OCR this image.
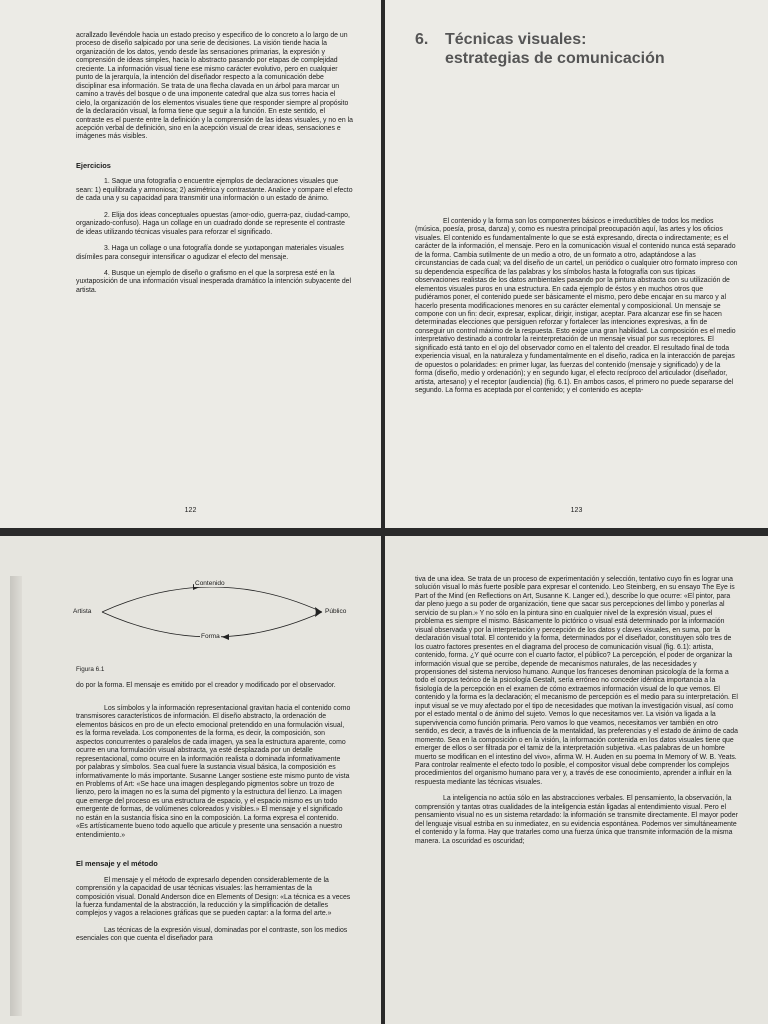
acrallzado llevéndole hacia un estado preciso y especifico de lo concreto a lo largo de un proceso de diseño salpicado por una serie de decisiones. La visión tiende hacia la organización de los datos, yendo desde las sensaciones primarias, la expresión y comprensión de ideas simples, hacia lo abstracto pasando por etapas de complejidad creciente. La información visual tiene ese mismo carácter evolutivo, pero en cualquier punto de la jerarquía, la intención del diseñador respecto a la comunicación debe disciplinar esa información. Se trata de una flecha clavada en un árbol para marcar un camino a través del bosque o de una imponente catedral que alza sus torres hacia el cielo, la organización de los elementos visuales tiene que responder siempre al propósito de la declaración visual, la forma tiene que seguir a la función. En este sentido, el contraste es el puente entre la definición y la comprensión de las ideas visuales, y no en la acepción verbal de definición, sino en la acepción visual de crear ideas, sensaciones e imágenes más visibles.

Ejercicios

1. Saque una fotografía o encuentre ejemplos de declaraciones visuales que sean: 1) equilibrada y armoniosa; 2) asimétrica y contrastante. Analice y compare el efecto de cada una y su capacidad para transmitir una información o un estado de ánimo.

2. Elija dos ideas conceptuales opuestas (amor-odio, guerra-paz, ciudad-campo, organizado-confuso). Haga un collage en un cuadrado donde se represente el contraste de ideas utilizando técnicas visuales para reforzar el significado.

3. Haga un collage o una fotografía donde se yuxtapongan materiales visuales disímiles para conseguir intensificar o agudizar el efecto del mensaje.

4. Busque un ejemplo de diseño o grafismo en el que la sorpresa esté en la yuxtaposición de una información visual inesperada dramático la intención subyacente del artista.

122
6. Técnicas visuales:
estrategias de comunicación

El contenido y la forma son los componentes básicos e irreductibles de todos los medios (música, poesía, prosa, danza) y, como es nuestra principal preocupación aquí, las artes y los oficios visuales. El contenido es fundamentalmente lo que se está expresando, directa o indirectamente; es el carácter de la información, el mensaje. Pero en la comunicación visual el contenido nunca está separado de la forma. Cambia sutilmente de un medio a otro, de un formato a otro, adaptándose a las circunstancias de cada cual; va del diseño de un cartel, un periódico o cualquier otro formato impreso con su dependencia específica de las palabras y los símbolos hasta la fotografía con sus típicas observaciones realistas de los datos ambientales pasando por la pintura abstracta con su utilización de elementos visuales puros en una estructura. En cada ejemplo de éstos y en muchos otros que pudiéramos poner, el contenido puede ser básicamente el mismo, pero debe encajar en su marco y al hacerlo presenta modificaciones menores en su carácter elemental y composicional. Un mensaje se compone con un fin: decir, expresar, explicar, dirigir, instigar, aceptar. Para alcanzar ese fin se hacen determinadas elecciones que persiguen reforzar y fortalecer las intenciones expresivas, a fin de conseguir un control máximo de la respuesta. Esto exige una gran habilidad. La composición es el medio interpretativo destinado a controlar la reinterpretación de un mensaje visual por sus receptores. El significado está tanto en el ojo del observador como en el talento del creador. El resultado final de toda experiencia visual, en la naturaleza y fundamentalmente en el diseño, radica en la interacción de parejas de opuestos o polaridades: en primer lugar, las fuerzas del contenido (mensaje y significado) y de la forma (diseño, medio y ordenación); y en segundo lugar, el efecto recíproco del articulador (diseñador, artista, artesano) y el receptor (audiencia) (fig. 6.1). En ambos casos, el primero no puede separarse del segundo. La forma es aceptada por el contenido; y el contenido es acepta-

123
Contenido
Artista	Público
Forma

Figura 6.1

do por la forma. El mensaje es emitido por el creador y modificado por el observador.

Los símbolos y la información representacional gravitan hacia el contenido como transmisores característicos de información. El diseño abstracto, la ordenación de elementos básicos en pro de un efecto emocional pretendido en una formulación visual, es la forma revelada. Los componentes de la forma, es decir, la composición, son aspectos concurrentes o paralelos de cada imagen, ya sea la estructura aparente, como ocurre en una formulación visual abstracta, ya esté desplazada por un detalle representacional, como ocurre en la información realista o dominada informativamente por palabras y símbolos. Sea cual fuere la sustancia visual básica, la composición es informativamente lo más importante. Susanne Langer sostiene este mismo punto de vista en Problems of Art: «Se hace una imagen desplegando pigmentos sobre un trozo de lienzo, pero la imagen no es la suma del pigmento y la estructura del lienzo. La imagen que emerge del proceso es una estructura de espacio, y el espacio mismo es un todo emergente de formas, de volúmenes coloreados y visibles.» El mensaje y el significado no están en la sustancia física sino en la composición. La forma expresa el contenido. «Es artísticamente bueno todo aquello que articule y presente una sensación a nuestro entendimiento.»

El mensaje y el método

El mensaje y el método de expresarlo dependen considerablemente de la comprensión y la capacidad de usar técnicas visuales: las herramientas de la composición visual. Donald Anderson dice en Elements of Design: «La técnica es a veces la fuerza fundamental de la abstracción, la reducción y la simplificación de detalles complejos y vagos a relaciones gráficas que se pueden captar: a la forma del arte.»

Las técnicas de la expresión visual, dominadas por el contraste, son los medios esenciales con que cuenta el diseñador para

tiva de una idea. Se trata de un proceso de experimentación y selección, tentativo cuyo fin es lograr una solución visual lo más fuerte posible para expresar el contenido. Leo Steinberg, en su ensayo The Eye is Part of the Mind (en Reflections on Art, Susanne K. Langer ed.), describe lo que ocurre: «El pintor, para dar pleno juego a su poder de organización, tiene que sacar sus percepciones del limbo y ponerlas al servicio de su plan.» Y no sólo en la pintura sino en cualquier nivel de la expresión visual, pues el problema es siempre el mismo. Básicamente lo pictórico o visual está determinado por la información visual observada y por la interpretación y percepción de los datos y claves visuales, en suma, por la declaración visual total. El contenido y la forma, determinados por el diseñador, constituyen sólo tres de los cuatro factores presentes en el diagrama del proceso de comunicación visual (fig. 6.1): artista, contenido, forma. ¿Y qué ocurre con el cuarto factor, el público? La percepción, el poder de organizar la información visual que se percibe, depende de mecanismos naturales, de las necesidades y propensiones del sistema nervioso humano. Aunque los franceses denominan psicología de la forma a todo el corpus teórico de la psicología Gestalt, sería erróneo no conceder idéntica importancia a la fisiología de la percepción en el examen de cómo extraemos información visual de lo que vemos. El contenido y la forma es la declaración; el mecanismo de percepción es el medio para su interpretación. El input visual se ve muy afectado por el tipo de necesidades que motivan la investigación visual, así como por el estado mental o de ánimo del sujeto. Vemos lo que necesitamos ver. La visión va ligada a la supervivencia como función primaria. Pero vamos lo que veamos, necesitamos ver también en otro sentido, es decir, a través de la influencia de la mentalidad, las preferencias y el estado de ánimo de cada momento. Sea en la composición o en la visión, la información contenida en los datos visuales tiene que emerger de ellos o ser filtrada por el tamiz de la interpretación subjetiva. «Las palabras de un hombre muerto se modifican en el intestino del vivo», afirma W. H. Auden en su poema In Memory of W. B. Yeats. Para controlar realmente el efecto todo lo posible, el compositor visual debe comprender los complejos procedimientos del organismo humano para ver y, a través de ese conocimiento, aprender a influir en la respuesta mediante las técnicas visuales.

La inteligencia no actúa sólo en las abstracciones verbales. El pensamiento, la observación, la comprensión y tantas otras cualidades de la inteligencia están ligadas al entendimiento visual. Pero el pensamiento visual no es un sistema retardado: la información se transmite directamente. El mayor poder del lenguaje visual estriba en su inmediatez, en su evidencia espontánea. Podemos ver simultáneamente el contenido y la forma. Hay que tratarles como una fuerza única que transmite información de la misma manera. La oscuridad es oscuridad;
